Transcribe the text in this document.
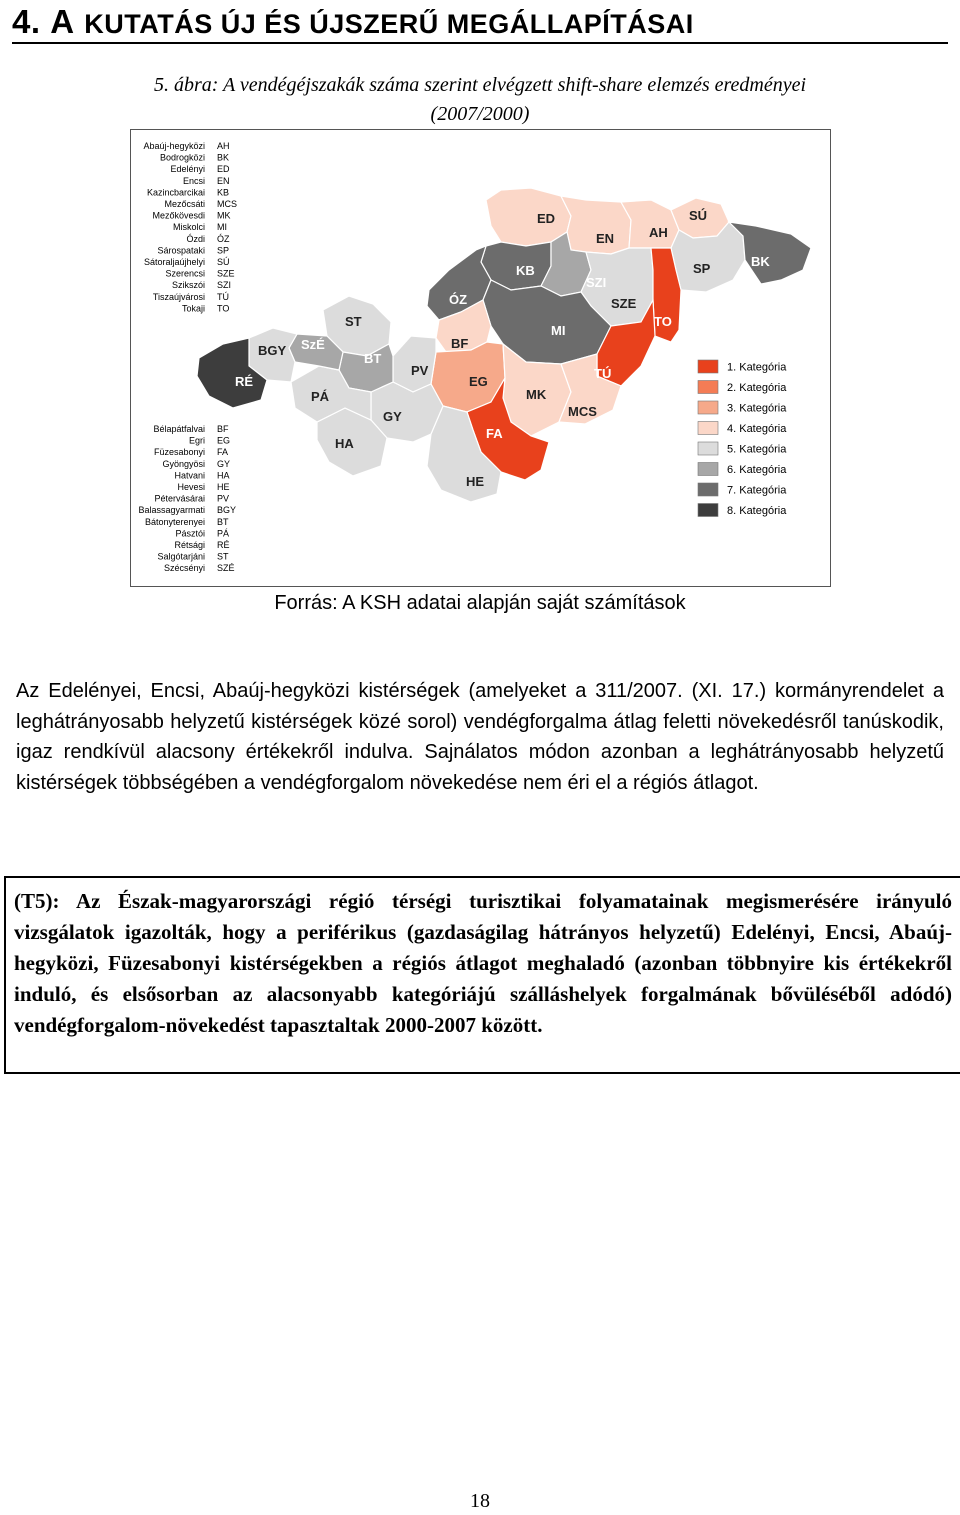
4. A KUTATÁS ÚJ ÉS ÚJSZERŰ MEGÁLLAPÍTÁSAI
5. ábra: A vendégéjszakák száma szerint elvégzett shift-share elemzés eredményei
(2007/2000)
Abaúj-hegyközi AH
Bodrogközi BK
Edelényi ED
Encsi EN
Kazincbarcikai KB
Mezőcsáti MCS
Mezőkövesdi MK
Miskolci MI
Ózdi ÓZ
Sárospataki SP
Sátoraljaújhelyi SÚ
Szerencsi SZE
Szikszói SZI
Tiszaújvárosi TÚ
Tokaji TO
Bélapátfalvai BF
Egri EG
Füzesabonyi FA
Gyöngyösi GY
Hatvani HA
Hevesi HE
Pétervásárai PV
Balassagyarmati BGY
Bátonyterenyei BT
Pásztói PÁ
Rétsági RÉ
Salgótarjáni ST
Szécsényi SZÉ
ED
EN	AH
SÚ
SP	BK
KB
SZI
SZE
TO
ÓZ
MI
TÚ
BF
EG
MK
MCS
FA
HE
PV
GY
HA
ST
BT
PÁ
SzÉ
BGY
RÉ
1. Kategória
2. Kategória
3. Kategória
4. Kategória
5. Kategória
6. Kategória
7. Kategória
8. Kategória
Forrás: A KSH adatai alapján saját számítások
Az Edelényei, Encsi, Abaúj-hegyközi kistérségek (amelyeket a 311/2007. (XI. 17.) kormányrendelet a leghátrányosabb helyzetű kistérségek közé sorol) vendégforgalma átlag feletti növekedésről tanúskodik, igaz rendkívül alacsony értékekről indulva. Sajnálatos módon azonban a leghátrányosabb helyzetű kistérségek többségében a vendégforgalom növekedése nem éri el a régiós átlagot.

(T5): Az Észak-magyarországi régió térségi turisztikai folyamatainak megismerésére irányuló vizsgálatok igazolták, hogy a periférikus (gazdaságilag hátrányos helyzetű) Edelényi, Encsi, Abaúj-hegyközi, Füzesabonyi kistérségekben a régiós átlagot meghaladó (azonban többnyire kis értékekről induló, és elsősorban az alacsonyabb kategóriájú szálláshelyek forgalmának bővüléséből adódó) vendégforgalom-növekedést tapasztaltak 2000-2007 között.

18
